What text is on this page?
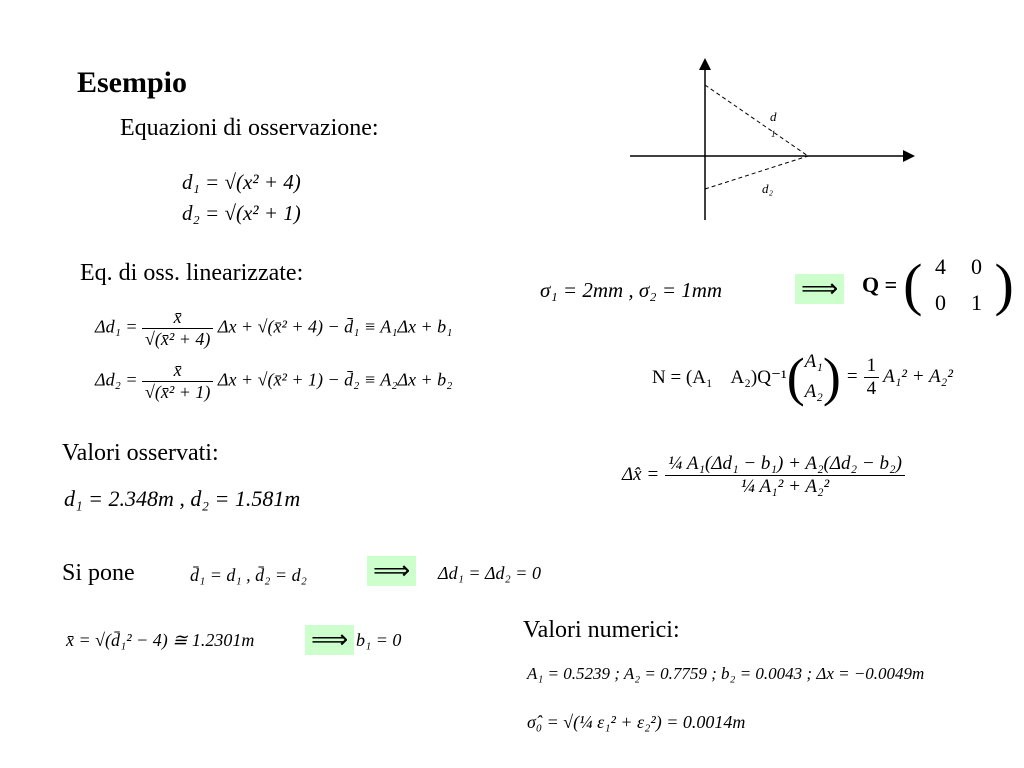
Esempio
Equazioni di osservazione:
d₁ = √(x² + 4)
d₂ = √(x² + 1)
d
1
d₂
Eq. di oss. linearizzate:
$\Delta d_1 = \frac{x̄}{\text{√(x̄² + 4)}}$ Δx + √(x̄² + 4) − d̄₁ ≡ A₁Δx + b₁
$\Delta d_2 = \frac{x̄}{\text{√(x̄² + 1)}}$ Δx + √(x̄² + 1) − d̄₂ ≡ A₂Δx + b₂
σ₁ = 2mm , σ₂ = 1mm	⟹ Q = ( 4	0
0	1 )
N = (A₁    A₂)Q⁻¹ ( A₁
A₂ ) = $\frac{1}{4} A_1^2 + A_2^2$
Valori osservati:
d₁ = 2.348m , d₂ = 1.581m
Δx̂ = $\frac{\text{¼ A₁(Δd₁ − b₁) + A₂(Δd₂ − b₂)}}{\text{¼ A₁² + A₂²}}$
Si pone	d̄₁ = d₁ , d̄₂ = d₂	⟹	Δd₁ = Δd₂ = 0
x̄ = √(d̄₁² − 4) ≅ 1.2301m ⟹ b₁ = 0	Valori numerici:
A₁ = 0.5239 ; A₂ = 0.7759 ; b₂ = 0.0043 ; Δx = −0.0049m
σ̂₀ = √(¼ ε₁² + ε₂²) = 0.0014m
